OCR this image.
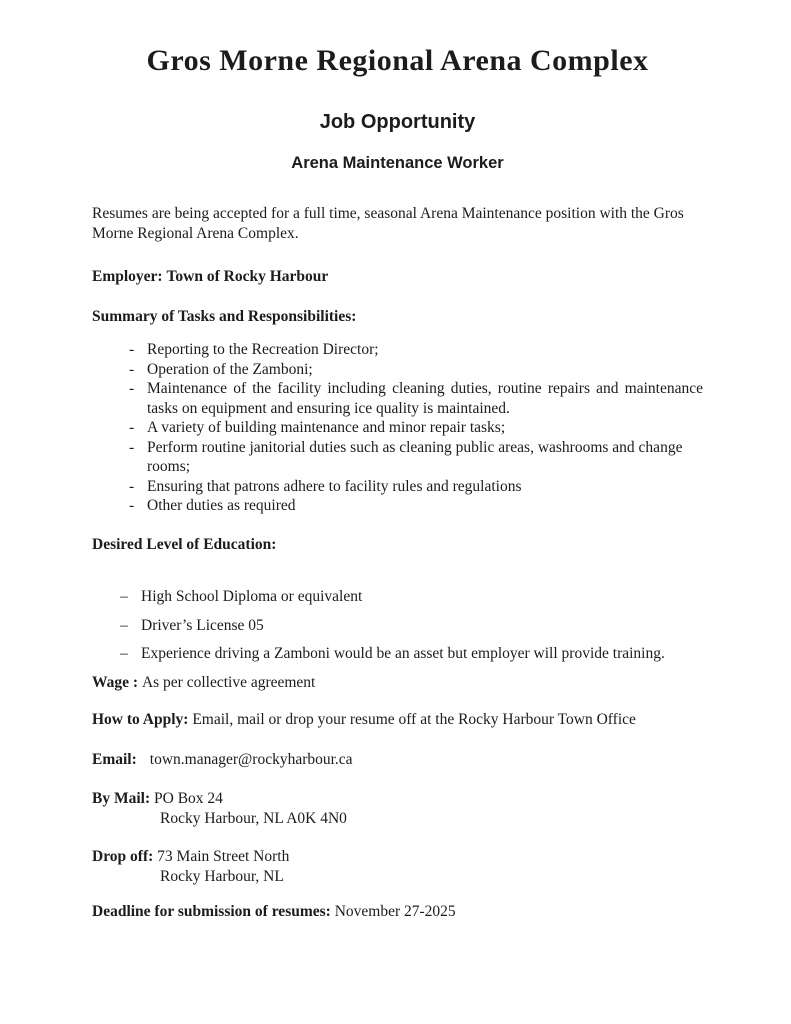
Gros Morne Regional Arena Complex
Job Opportunity
Arena Maintenance Worker

Resumes are being accepted for a full time, seasonal Arena Maintenance position with the Gros Morne Regional Arena Complex.

Employer: Town of Rocky Harbour

Summary of Tasks and Responsibilities:

- Reporting to the Recreation Director;
- Operation of the Zamboni;
- Maintenance of the facility including cleaning duties, routine repairs and maintenance tasks on equipment and ensuring ice quality is maintained.
- A variety of building maintenance and minor repair tasks;
- Perform routine janitorial duties such as cleaning public areas, washrooms and change rooms;
- Ensuring that patrons adhere to facility rules and regulations
- Other duties as required

Desired Level of Education:

– High School Diploma or equivalent
– Driver’s License 05
– Experience driving a Zamboni would be an asset but employer will provide training.

Wage : As per collective agreement

How to Apply: Email, mail or drop your resume off at the Rocky Harbour Town Office

Email: town.manager@rockyharbour.ca

By Mail: PO Box 24

Rocky Harbour, NL A0K 4N0

Drop off: 73 Main Street North

Rocky Harbour, NL

Deadline for submission of resumes: November 27-2025
